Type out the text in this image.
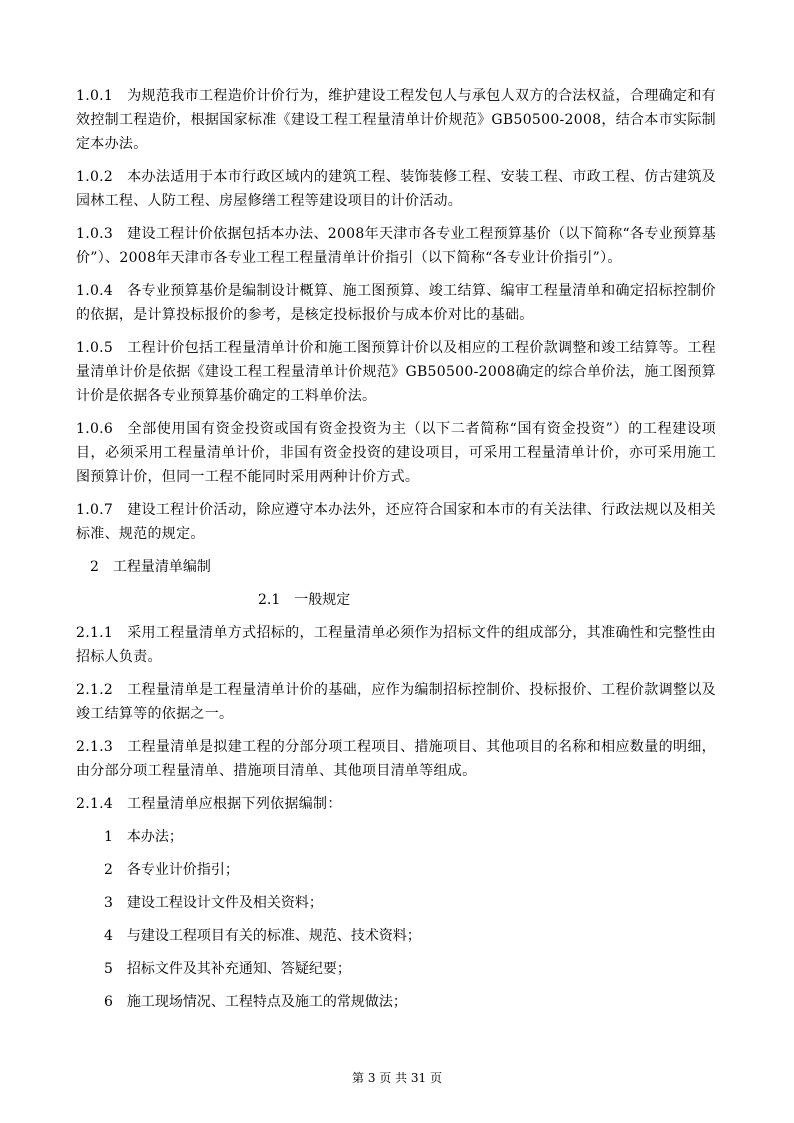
1.0.1 为规范我市工程造价计价行为，维护建设工程发包人与承包人双方的合法权益，合理确定和有效控制工程造价，根据国家标准《建设工程工程量清单计价规范》GB50500-2008，结合本市实际制定本办法。

1.0.2 本办法适用于本市行政区域内的建筑工程、装饰装修工程、安装工程、市政工程、仿古建筑及园林工程、人防工程、房屋修缮工程等建设项目的计价活动。

1.0.3 建设工程计价依据包括本办法、2008年天津市各专业工程预算基价（以下简称“各专业预算基价”）、2008年天津市各专业工程工程量清单计价指引（以下简称“各专业计价指引”）。

1.0.4 各专业预算基价是编制设计概算、施工图预算、竣工结算、编审工程量清单和确定招标控制价的依据，是计算投标报价的参考，是核定投标报价与成本价对比的基础。

1.0.5 工程计价包括工程量清单计价和施工图预算计价以及相应的工程价款调整和竣工结算等。工程量清单计价是依据《建设工程工程量清单计价规范》GB50500-2008确定的综合单价法，施工图预算计价是依据各专业预算基价确定的工料单价法。

1.0.6 全部使用国有资金投资或国有资金投资为主（以下二者简称“国有资金投资”）的工程建设项目，必须采用工程量清单计价，非国有资金投资的建设项目，可采用工程量清单计价，亦可采用施工图预算计价，但同一工程不能同时采用两种计价方式。

1.0.7 建设工程计价活动，除应遵守本办法外，还应符合国家和本市的有关法律、行政法规以及相关标准、规范的规定。

2 工程量清单编制

2.1 一般规定

2.1.1 采用工程量清单方式招标的，工程量清单必须作为招标文件的组成部分，其准确性和完整性由招标人负责。

2.1.2 工程量清单是工程量清单计价的基础，应作为编制招标控制价、投标报价、工程价款调整以及竣工结算等的依据之一。

2.1.3 工程量清单是拟建工程的分部分项工程项目、措施项目、其他项目的名称和相应数量的明细，由分部分项工程量清单、措施项目清单、其他项目清单等组成。

2.1.4 工程量清单应根据下列依据编制：

1 本办法；

2 各专业计价指引；

3 建设工程设计文件及相关资料；

4 与建设工程项目有关的标准、规范、技术资料；

5 招标文件及其补充通知、答疑纪要；

6 施工现场情况、工程特点及施工的常规做法；

第 3 页 共 31 页
